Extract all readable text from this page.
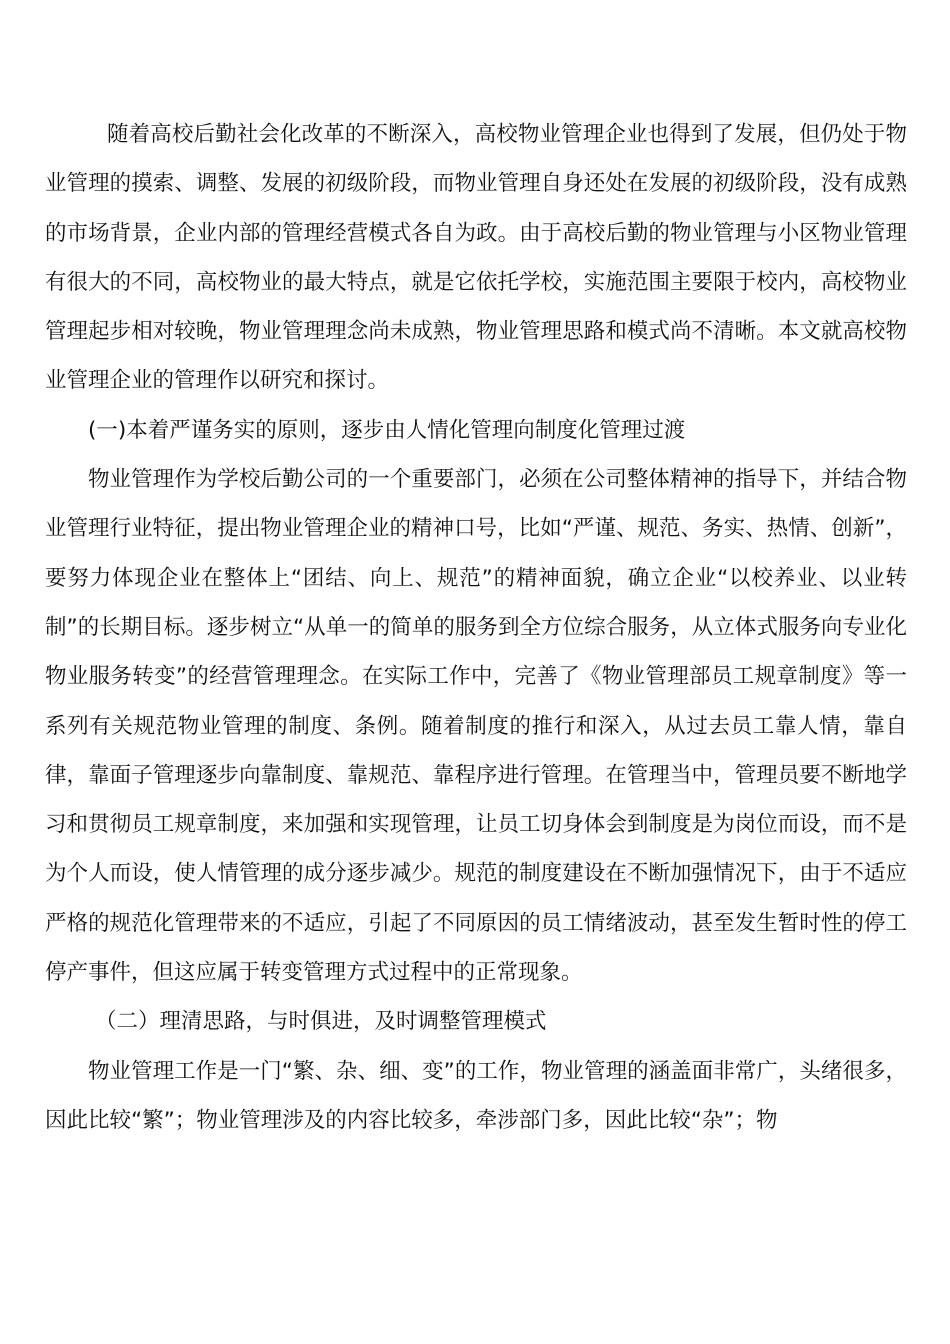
随着高校后勤社会化改革的不断深入，高校物业管理企业也得到了发展，但仍处于物业管理的摸索、调整、发展的初级阶段，而物业管理自身还处在发展的初级阶段，没有成熟的市场背景，企业内部的管理经营模式各自为政。由于高校后勤的物业管理与小区物业管理有很大的不同，高校物业的最大特点，就是它依托学校，实施范围主要限于校内，高校物业管理起步相对较晚，物业管理理念尚未成熟，物业管理思路和模式尚不清晰。本文就高校物业管理企业的管理作以研究和探讨。

(一)本着严谨务实的原则，逐步由人情化管理向制度化管理过渡

物业管理作为学校后勤公司的一个重要部门，必须在公司整体精神的指导下，并结合物业管理行业特征，提出物业管理企业的精神口号，比如“严谨、规范、务实、热情、创新”，要努力体现企业在整体上“团结、向上、规范”的精神面貌，确立企业“以校养业、以业转制”的长期目标。逐步树立“从单一的简单的服务到全方位综合服务，从立体式服务向专业化物业服务转变”的经营管理理念。在实际工作中，完善了《物业管理部员工规章制度》等一系列有关规范物业管理的制度、条例。随着制度的推行和深入，从过去员工靠人情，靠自律，靠面子管理逐步向靠制度、靠规范、靠程序进行管理。在管理当中，管理员要不断地学习和贯彻员工规章制度，来加强和实现管理，让员工切身体会到制度是为岗位而设，而不是为个人而设，使人情管理的成分逐步减少。规范的制度建设在不断加强情况下，由于不适应严格的规范化管理带来的不适应，引起了不同原因的员工情绪波动，甚至发生暂时性的停工停产事件，但这应属于转变管理方式过程中的正常现象。

（二）理清思路，与时俱进，及时调整管理模式

物业管理工作是一门“繁、杂、细、变”的工作，物业管理的涵盖面非常广，头绪很多，因此比较“繁”；物业管理涉及的内容比较多，牵涉部门多，因此比较“杂”；物
